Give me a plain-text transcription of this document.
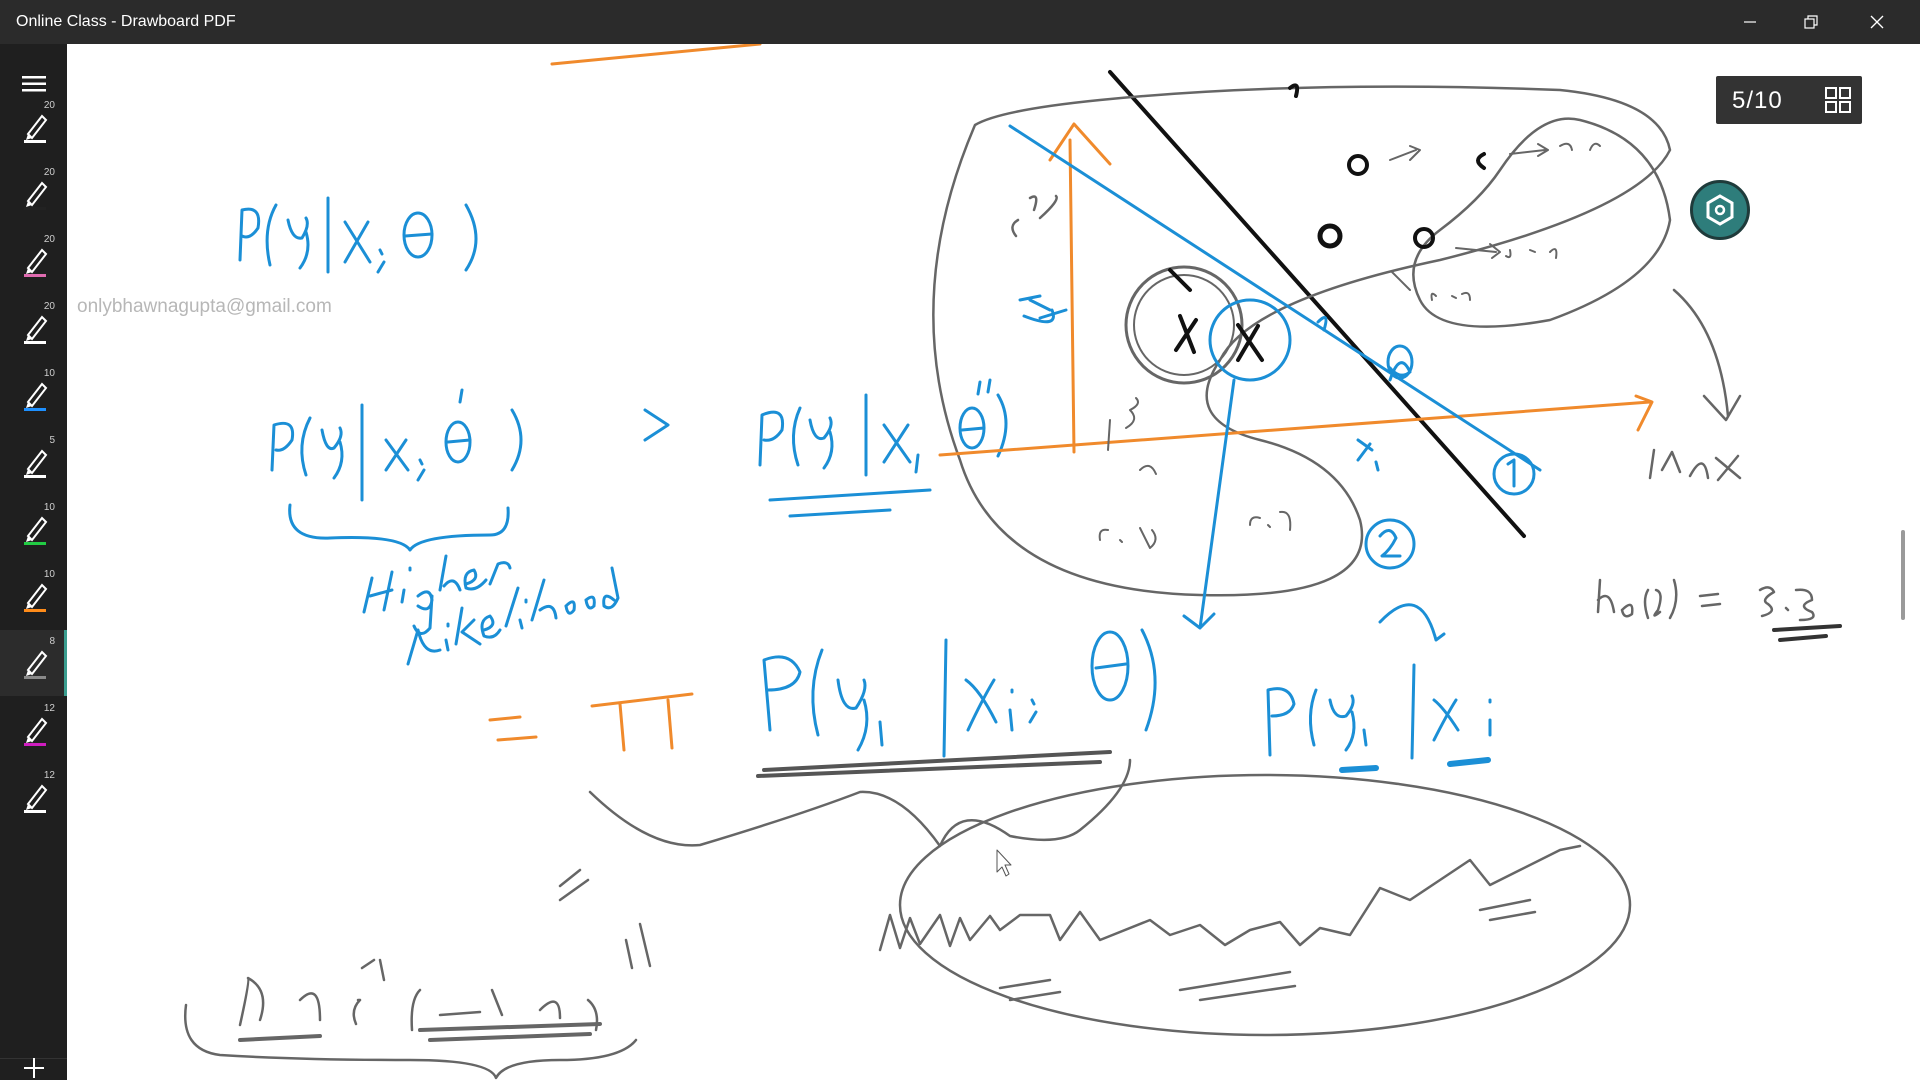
Online Class - Drawboard PDF
20
20
20
20
10
5
10
10
8
12
12
onlybhawnagupta@gmail.com
5/10
